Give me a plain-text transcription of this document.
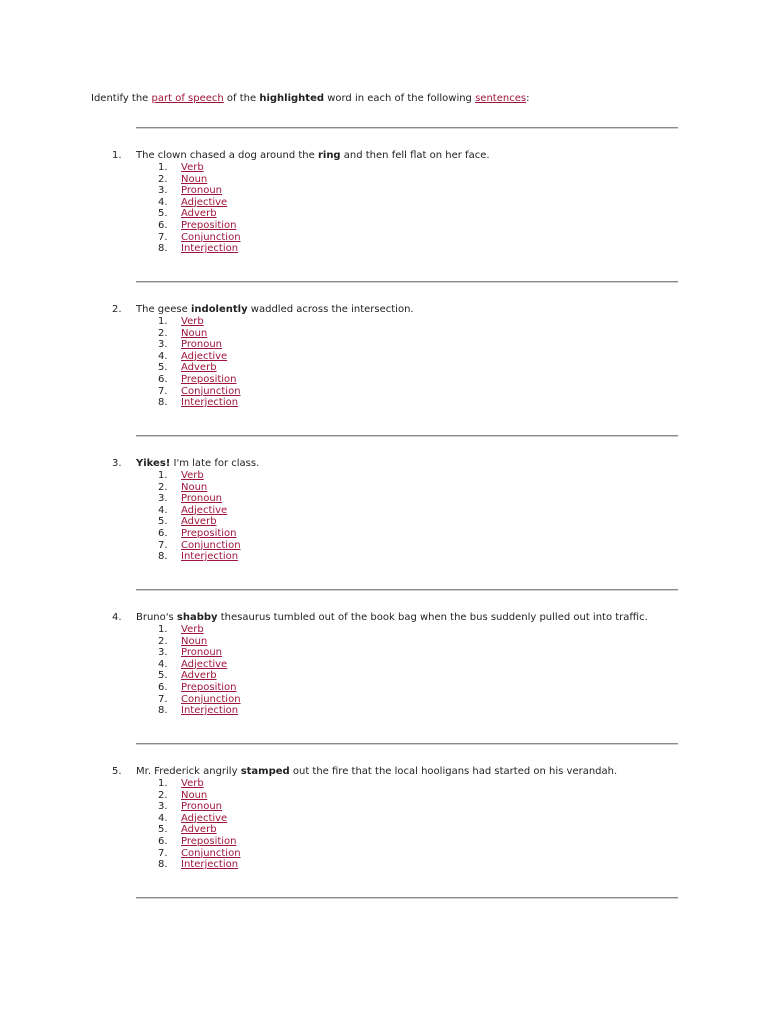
Identify the part of speech of the highlighted word in each of the following sentences:
1. The clown chased a dog around the ring and then fell flat on her face.
1. Verb
2. Noun
3. Pronoun
4. Adjective
5. Adverb
6. Preposition
7. Conjunction
8. Interjection
2. The geese indolently waddled across the intersection.
1. Verb
2. Noun
3. Pronoun
4. Adjective
5. Adverb
6. Preposition
7. Conjunction
8. Interjection
3. Yikes! I'm late for class.
1. Verb
2. Noun
3. Pronoun
4. Adjective
5. Adverb
6. Preposition
7. Conjunction
8. Interjection
4. Bruno's shabby thesaurus tumbled out of the book bag when the bus suddenly pulled out into traffic.
1. Verb
2. Noun
3. Pronoun
4. Adjective
5. Adverb
6. Preposition
7. Conjunction
8. Interjection
5. Mr. Frederick angrily stamped out the fire that the local hooligans had started on his verandah.
1. Verb
2. Noun
3. Pronoun
4. Adjective
5. Adverb
6. Preposition
7. Conjunction
8. Interjection
